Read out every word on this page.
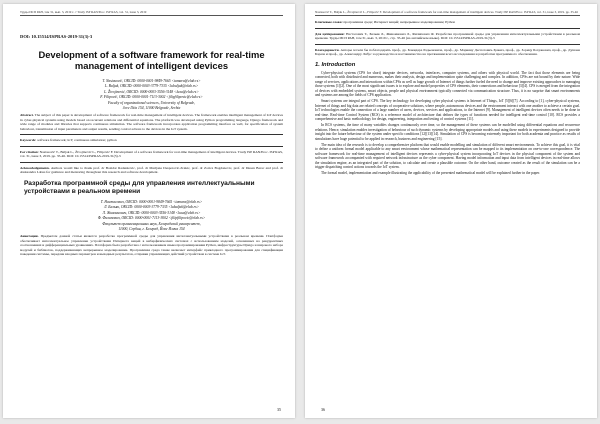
Труды ИСП РАН, том 31, вып. 3, 2019 г. // Trudy ISP RAN/Proc. ISP RAS, vol. 31, issue 3, 2019
DOI: 10.15514/ISPRAS-2019-31(3)-3
Development of a software framework for real-time management of intelligent devices
T. Nastasović, ORCID: 0000-0001-9849-7665 <tamara@elab.rs>
L. Baljak, ORCID: 0000-0003-3779-7335 <lubaljak@elab.rs>
L. Živojinović, ORCID: 0000-0003-3556-3148 <luxa@elab.rs>
F. Filipović, ORCID: 0000-0001-7113-3002 <filipfilipovic@elab.rs>
Faculty of organizational sciences, University of Belgrade,
Jove Ilića 154, 11000 Belgrade, Serbia
Abstract. The subject of this paper is development of software framework for real-time management of intelligent devices. The framework enables intelligent management of IoT devices in cyber-physical systems using models based on recurrent relations and differential equations. The platform was developed using Python programming language, Django framework and wide range of modules and libraries that supports continuous simulation. The software framework incorporates application programming interface as well, for specification of system behaviour, transmission of input parameters and output results, sending control actions to the devices in the IoT system.
Keywords: software framework; IoT; continuous simulation; python
For citation: Nastasović T., Baljak L., Živojinović L., Filipović F. Development of a software framework for real-time management of intelligent devices. Trudy ISP RAN/Proc. ISP RAS, vol. 31, issue 3, 2019. pp. 35-46. DOI: 10.15514/ISPRAS-2019-31(3)-3
Acknowledgements. Authors would like to thank prof. dr Bozidar Radenkovic, prof. dr Marijana Despotovic-Zrakic, prof. dr Zorica Bogdanovic, prof. dr Dusan Barac and prof. dr Aleksandra Labus for guidance and mentoring throughout this research and software development.
Разработка программной среды для управления интеллектуальными устройствами в реальном времени
Т. Настасович, ORCID: 0000-0001-9849-7665 <tamara@elab.rs>
Л. Бальяк, ORCID: 0000-0003-3779-7335 <lubaljak@elab.rs>
Л. Живоинович, ORCID: 0000-0003-3556-3148 <luxa@elab.rs>
Ф. Филипович, ORCID: 0000-0001-7113-3002 <filipfilipovic@elab.rs>
Факультет организационных наук, Белградский университет,
11000, Сербия, г. Белград, Йове Илича 154
Аннотация. Предметом данной статьи является разработка программной среды для управления интеллектуальными устройствами в реальном времени. Платформа обеспечивает интеллектуальное управление устройствами Интернета вещей в киберфизических системах с использованием моделей, основанных на рекуррентных соотношениях и дифференциальных уравнениях. Платформа была разработана с использованием языка программирования Python, инфраструктуры Django и широкого набора модулей и библиотек, поддерживающих непрерывное моделирование. Программная среда также включает интерфейс прикладного программирования для спецификации поведения системы, передачи входных параметров и выходных результатов, отправки управляющих действий устройствам в системе IoT.
35
Nastasović T., Baljak L., Živojinović L., Filipović F. Development of a software framework for real-time management of intelligent devices. Trudy ISP RAN/Proc. ISP RAS, vol. 31, issue 3, 2019. pp. 35-46
Ключевые слова: программная среда; Интернет вещей; непрерывное моделирование; Python
Для цитирования: Настасович Т., Бальяк Л., Живоинович Л., Филипович Ф. Разработка программной среды для управления интеллектуальными устройствами в реальном времени. Труды ИСП РАН, том 31, вып. 3, 2019 г., стр. 35-46 (на английском языке). DOI: 10.15514/ISPRAS-2019-31(3)-3
Благодарности. Авторы хотели бы поблагодарить проф., др. Божидара Радьеновича, проф., др. Марияну Деспотович-Зракич, проф., др. Зорицу Богданович, проф., др. Душана Барача и проф., др. Александру Лябус за руководство и наставничество на протяжении всего исследования и разработки программного обеспечения.
1. Introduction
Cyber-physical systems (CPS for short) integrate devices, networks, interfaces, computer systems, and others with physical world. The fact that those elements are being connected, both with distributed and numerous, makes their analysis, design and implementation quite challenging and complex. In addition, CPSs are not bound by their nature. Wide range of services, applications and interactions within CPSs as well as huge growth of Internet of things further fueled the need to change and improve existing approaches to managing those systems [1][2]. One of the most significant issues is to explore and model properties of CPS elements, their connections and behaviour [3][4]. CPS is merged from the integration of devices with embedded systems, smart objects, people and physical environment typically connected via communication structure. Thus, it is no surprise that smart environments and systems are among the fields of CPS application.
Smart systems are integral part of CPS. The key technology for developing cyber physical systems is Internet of Things, IoT [5][6][7]. According to [1], cyber-physical systems, Internet of things and big data are related concepts of cooperative solutions, where people, autonomous devices and the environment interact with one another to achieve a certain goal. IoT technologies enable the connection of a large number of users, devices, services and applications, to the Internet [9]. Management of intelligent devices often needs to be done in real-time. Real-time Control System (RCS) is a reference model of architecture that defines the types of functions needed for intelligent real-time control [10]. RCS provides a comprehensive and basic methodology for design, engineering, integration and testing of control systems [11].
In RCS systems, the time of many variables changes continuously over time, so the management of these systems can be modelled using differential equations and recurrence relations. Hence, simulation enables investigation of behaviour of such dynamic systems by developing appropriate models and using these models in experiments designed to provide insight into the future behaviour of the system under specific conditions [12][13][14]. Simulation of CPS is becoming extremely important for both academia and practice as results of simulations have huge potential to be applied in research, business and engineering [15].
The main idea of the research is to develop a comprehensive platform that would enable modelling and simulation of different smart environments. To achieve this goal, it is vital to define a uniform formal model applicable to any smart environment whose mathematical representation can be mapped to its implementation on one-to-one correspondence. The software framework for real-time management of intelligent devices represents a cyber-physical system incorporating IoT devices in the physical component of the system and software framework accompanied with required network infrastructure as the cyber component. Having model information and input data from intelligent devices in real-time allows the simulation engine, as an integrated part of the solution, to calculate and create a plausible outcome. On the other hand, outcome created as the result of the simulation can be a trigger dispatching control actions towards the IoT system.
The formal model, implementation and example illustrating the applicability of the presented mathematical model will be explained further in the paper.
36
